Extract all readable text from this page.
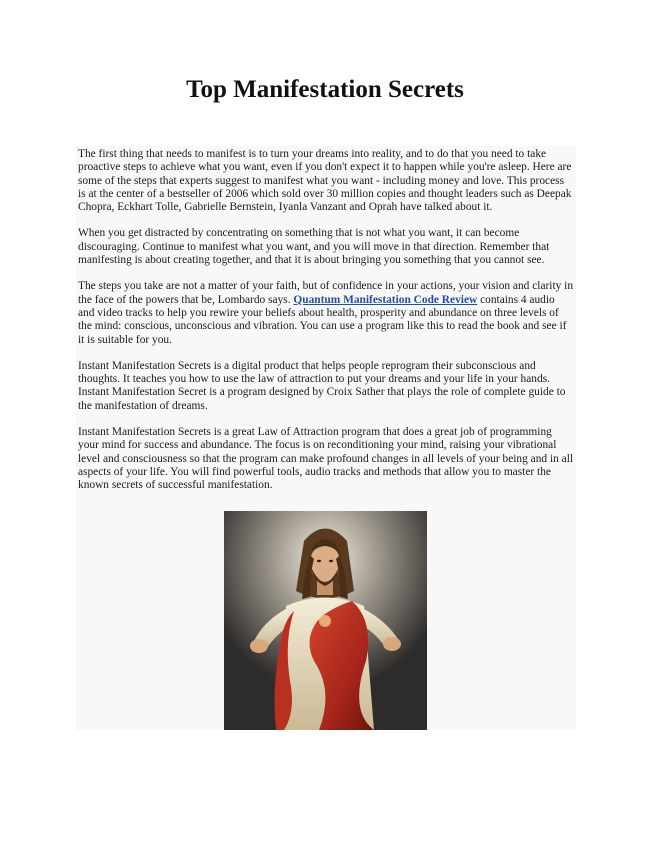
Top Manifestation Secrets

The first thing that needs to manifest is to turn your dreams into reality, and to do that you need to take proactive steps to achieve what you want, even if you don't expect it to happen while you're asleep. Here are some of the steps that experts suggest to manifest what you want - including money and love. This process is at the center of a bestseller of 2006 which sold over 30 million copies and thought leaders such as Deepak Chopra, Eckhart Tolle, Gabrielle Bernstein, Iyanla Vanzant and Oprah have talked about it.

When you get distracted by concentrating on something that is not what you want, it can become discouraging. Continue to manifest what you want, and you will move in that direction. Remember that manifesting is about creating together, and that it is about bringing you something that you cannot see.

The steps you take are not a matter of your faith, but of confidence in your actions, your vision and clarity in the face of the powers that be, Lombardo says. Quantum Manifestation Code Review contains 4 audio and video tracks to help you rewire your beliefs about health, prosperity and abundance on three levels of the mind: conscious, unconscious and vibration. You can use a program like this to read the book and see if it is suitable for you.

Instant Manifestation Secrets is a digital product that helps people reprogram their subconscious and thoughts. It teaches you how to use the law of attraction to put your dreams and your life in your hands. Instant Manifestation Secret is a program designed by Croix Sather that plays the role of complete guide to the manifestation of dreams.

Instant Manifestation Secrets is a great Law of Attraction program that does a great job of programming your mind for success and abundance. The focus is on reconditioning your mind, raising your vibrational level and consciousness so that the program can make profound changes in all levels of your being and in all aspects of your life. You will find powerful tools, audio tracks and methods that allow you to master the known secrets of successful manifestation.
